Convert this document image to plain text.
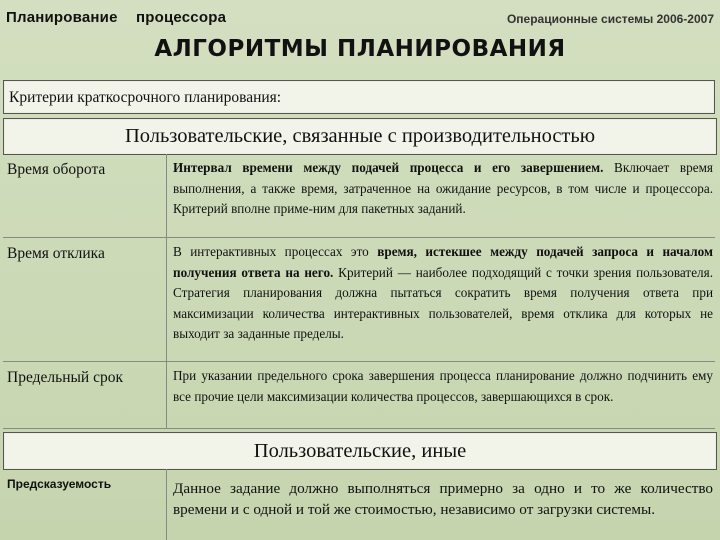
Планирование процессора	Операционные системы 2006-2007
АЛГОРИТМЫ ПЛАНИРОВАНИЯ
Критерии краткосрочного планирования:
Пользовательские, связанные с производительностью
Время оборота	Интервал времени между подачей процесса и его завершением. Включает время выполнения, а также время, затраченное на ожидание ресурсов, в том числе и процессора. Критерий вполне приме-ним для пакетных заданий.
Время отклика	В интерактивных процессах это время, истекшее между подачей запроса и началом получения ответа на него. Критерий — наиболее подходящий с точки зрения пользователя. Стратегия планирования должна пытаться сократить время получения ответа при максимизации количества интерактивных пользователей, время отклика для которых не выходит за заданные пределы.
Предельный срок	При указании предельного срока завершения процесса планирование должно подчинить ему все прочие цели максимизации количества процессов, завершающихся в срок.
Пользовательские, иные
Предсказуемость	Данное задание должно выполняться примерно за одно и то же количество времени и с одной и той же стоимостью, независимо от загрузки системы.
